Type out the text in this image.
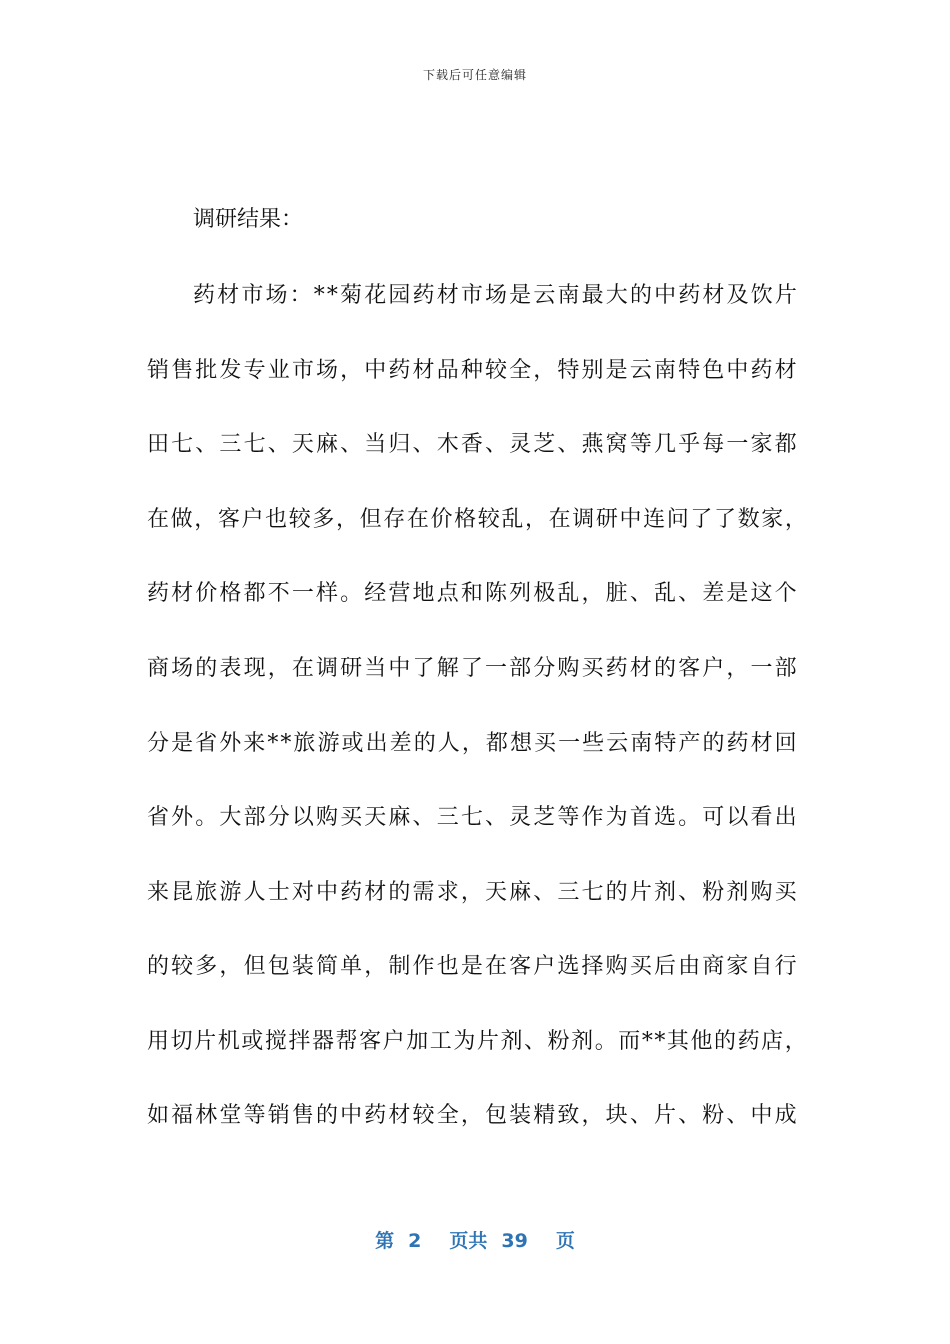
下载后可任意编辑
调研结果：
药 材 市 场 ： * * 菊 花 园 药 材 市 场 是 云 南 最 大 的 中 药 材 及 饮 片
销 售 批 发 专 业 市 场 ， 中 药 材 品 种 较 全 ， 特 别 是 云 南 特 色 中 药 材
田 七 、 三 七 、 天 麻 、 当 归 、 木 香 、 灵 芝 、 燕 窝 等 几 乎 每 一 家 都
在 做 ， 客 户 也 较 多 ， 但 存 在 价 格 较 乱 ， 在 调 研 中 连 问 了 了 数 家 ，
药 材 价 格 都 不 一 样 。 经 营 地 点 和 陈 列 极 乱 ， 脏 、 乱 、 差 是 这 个
商 场 的 表 现 ， 在 调 研 当 中 了 解 了 一 部 分 购 买 药 材 的 客 户 ， 一 部
分 是 省 外 来 * * 旅 游 或 出 差 的 人 ， 都 想 买 一 些 云 南 特 产 的 药 材 回
省 外 。 大 部 分 以 购 买 天 麻 、 三 七 、 灵 芝 等 作 为 首 选 。 可 以 看 出
来 昆 旅 游 人 士 对 中 药 材 的 需 求 ， 天 麻 、 三 七 的 片 剂 、 粉 剂 购 买
的 较 多 ， 但 包 装 简 单 ， 制 作 也 是 在 客 户 选 择 购 买 后 由 商 家 自 行
用 切 片 机 或 搅 拌 器 帮 客 户 加 工 为 片 剂 、 粉 剂 。 而 * * 其 他 的 药 店 ，
如 福 林 堂 等 销 售 的 中 药 材 较 全 ， 包 装 精 致 ， 块 、 片 、 粉 、 中 成
第 2 页共 39 页
